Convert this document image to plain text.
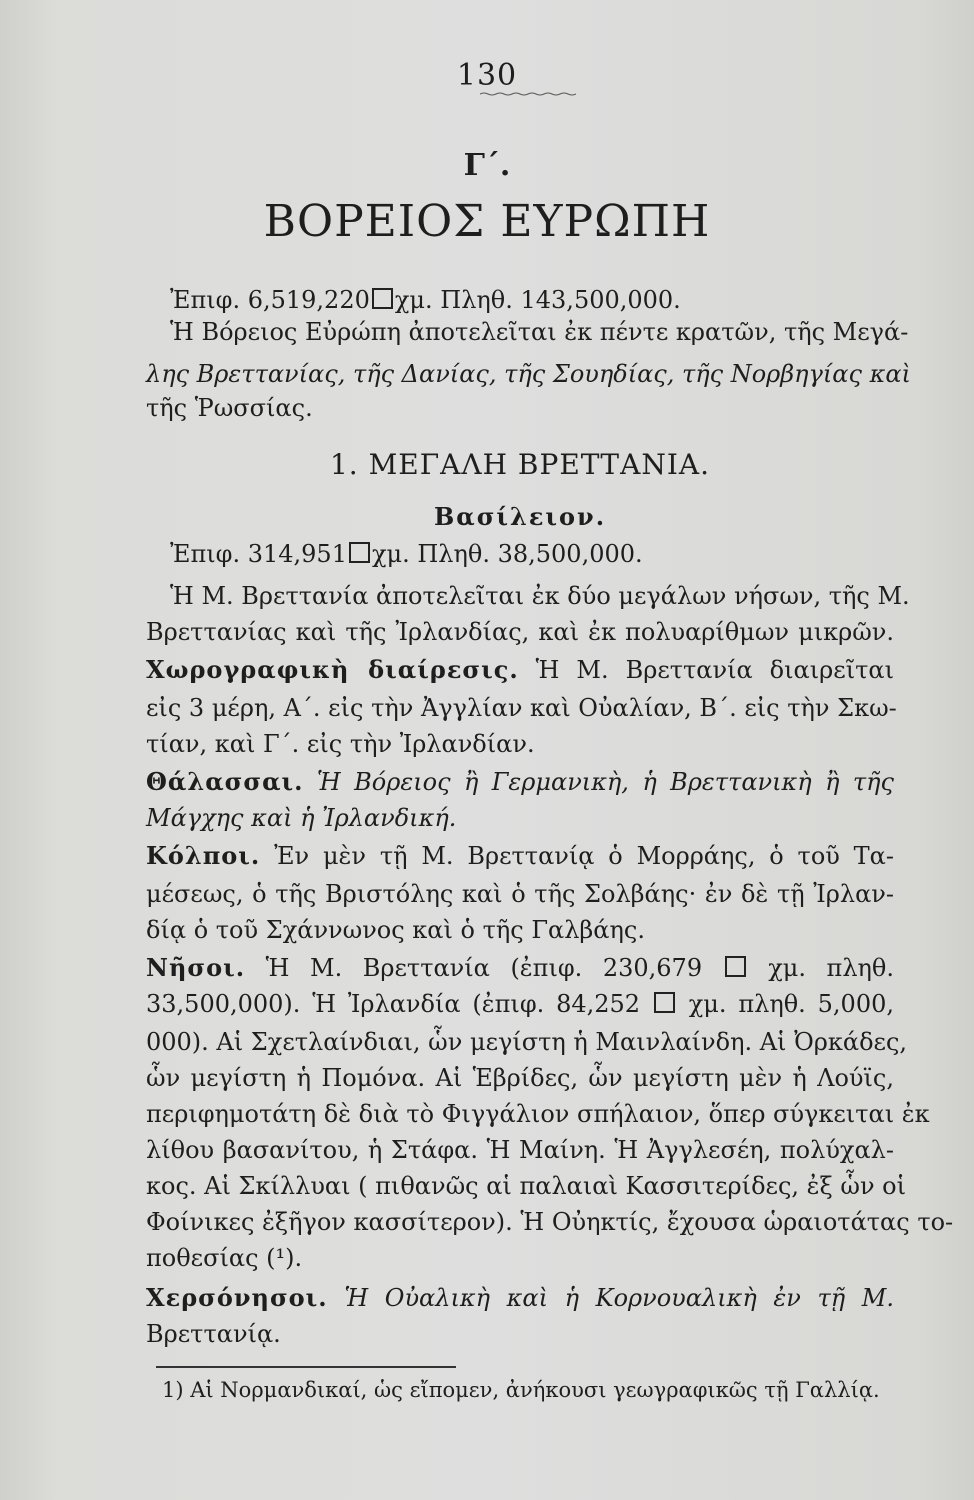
130
Γ΄.
ΒΟΡΕΙΟΣ ΕΥΡΩΠΗ
Ἐπιφ. 6,519,220 χμ. Πληθ. 143,500,000.
Ἡ Βόρειος Εὐρώπη ἀποτελεῖται ἐκ πέντε κρατῶν, τῆς Μεγά-
λης Βρεττανίας, τῆς Δανίας, τῆς Σουηδίας, τῆς Νορβηγίας καὶ
τῆς Ῥωσσίας.
1. ΜΕΓΑΛΗ ΒΡΕΤΤΑΝΙΑ.
Βασίλειον.
Ἐπιφ. 314,951 χμ. Πληθ. 38,500,000.
Ἡ Μ. Βρεττανία ἀποτελεῖται ἐκ δύο μεγάλων νήσων, τῆς Μ.
Βρεττανίας καὶ τῆς Ἰρλανδίας, καὶ ἐκ πολυαρίθμων μικρῶν.
Χωρογραφικὴ διαίρεσις. Ἡ Μ. Βρεττανία διαιρεῖται
εἰς 3 μέρη, Α΄. εἰς τὴν Ἀγγλίαν καὶ Οὐαλίαν, Β΄. εἰς τὴν Σκω-
τίαν, καὶ Γ΄. εἰς τὴν Ἰρλανδίαν.
Θάλασσαι. Ἡ Βόρειος ἢ Γερμανικὴ, ἡ Βρεττανικὴ ἢ τῆς
Μάγχης καὶ ἡ Ἰρλανδική.
Κόλποι. Ἐν μὲν τῇ Μ. Βρεττανίᾳ ὁ Μορράης, ὁ τοῦ Τα-
μέσεως, ὁ τῆς Βριστόλης καὶ ὁ τῆς Σολβάης· ἐν δὲ τῇ Ἰρλαν-
δίᾳ ὁ τοῦ Σχάννωνος καὶ ὁ τῆς Γαλβάης.
Νῆσοι. Ἡ Μ. Βρεττανία (ἐπιφ. 230,679	χμ. πληθ.
33,500,000). Ἡ Ἰρλανδία (ἐπιφ. 84,252 χμ. πληθ. 5,000,
000). Αἱ Σχετλαίνδιαι, ὧν μεγίστη ἡ Μαινλαίνδη. Αἱ Ὀρκάδες,
ὧν μεγίστη ἡ Πομόνα. Αἱ Ἑβρίδες, ὧν μεγίστη μὲν ἡ Λούϊς,
περιφημοτάτη δὲ διὰ τὸ Φιγγάλιον σπήλαιον, ὅπερ σύγκειται ἐκ
λίθου βασανίτου, ἡ Στάφα. Ἡ Μαίνη. Ἡ Ἀγγλεσέη, πολύχαλ-
κος. Αἱ Σκίλλυαι ( πιθανῶς αἱ παλαιαὶ Κασσιτερίδες, ἐξ ὧν οἱ
Φοίνικες ἐξῆγον κασσίτερον). Ἡ Οὐηκτίς, ἔχουσα ὡραιοτάτας το-
ποθεσίας (¹).
Χερσόνησοι. Ἡ Οὐαλικὴ καὶ ἡ Κορνουαλικὴ ἐν τῇ Μ.
Βρεττανίᾳ.
1) Αἱ Νορμανδικαί, ὡς εἴπομεν, ἀνήκουσι γεωγραφικῶς τῇ Γαλλίᾳ.
